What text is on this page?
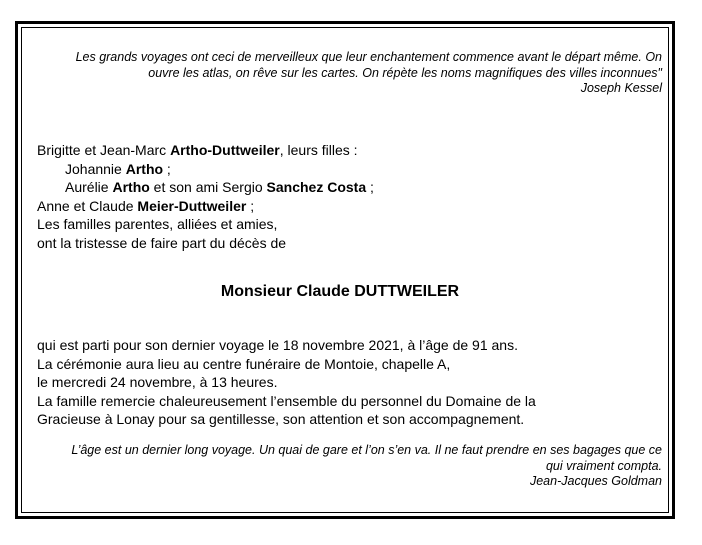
Les grands voyages ont ceci de merveilleux que leur enchantement commence avant le départ même. On ouvre les atlas, on rêve sur les cartes. On répète les noms magnifiques des villes inconnues"

Joseph Kessel

Brigitte et Jean-Marc Artho-Duttweiler, leurs filles :
Johannie Artho ;
Aurélie Artho et son ami Sergio Sanchez Costa ;
Anne et Claude Meier-Duttweiler ;
Les familles parentes, alliées et amies,
ont la tristesse de faire part du décès de
Monsieur Claude DUTTWEILER
qui est parti pour son dernier voyage le 18 novembre 2021, à l’âge de 91 ans.
La cérémonie aura lieu au centre funéraire de Montoie, chapelle A,
le mercredi 24 novembre, à 13 heures.
La famille remercie chaleureusement l’ensemble du personnel du Domaine de la
Gracieuse à Lonay pour sa gentillesse, son attention et son accompagnement.

L’âge est un dernier long voyage. Un quai de gare et l’on s’en va. Il ne faut prendre en ses bagages que ce qui vraiment compta.

Jean-Jacques Goldman
